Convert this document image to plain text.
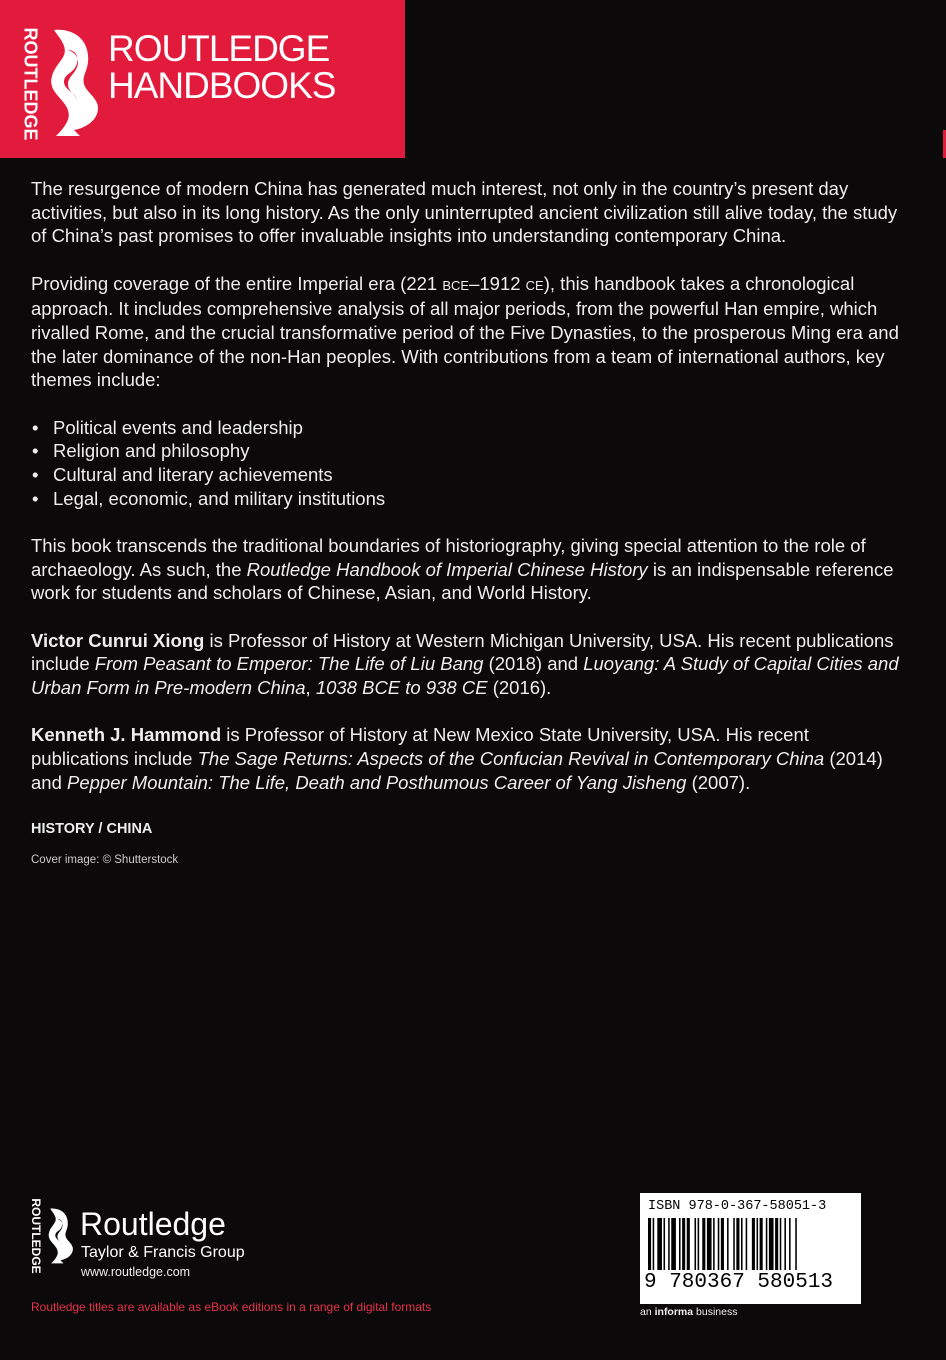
ROUTLEDGE ROUTLEDGE
HANDBOOKS

The resurgence of modern China has generated much interest, not only in the country’s present day activities, but also in its long history. As the only uninterrupted ancient civilization still alive today, the study of China’s past promises to offer invaluable insights into understanding contemporary China.

Providing coverage of the entire Imperial era (221 BCE–1912 CE), this handbook takes a chronological approach. It includes comprehensive analysis of all major periods, from the powerful Han empire, which rivalled Rome, and the crucial transformative period of the Five Dynasties, to the prosperous Ming era and the later dominance of the non-Han peoples. With contributions from a team of international authors, key themes include:

• Political events and leadership
• Religion and philosophy
• Cultural and literary achievements
• Legal, economic, and military institutions

This book transcends the traditional boundaries of historiography, giving special attention to the role of archaeology. As such, the Routledge Handbook of Imperial Chinese History is an indispensable reference work for students and scholars of Chinese, Asian, and World History.

Victor Cunrui Xiong is Professor of History at Western Michigan University, USA. His recent publications include From Peasant to Emperor: The Life of Liu Bang (2018) and Luoyang: A Study of Capital Cities and Urban Form in Pre-modern China, 1038 BCE to 938 CE (2016).

Kenneth J. Hammond is Professor of History at New Mexico State University, USA. His recent publications include The Sage Returns: Aspects of the Confucian Revival in Contemporary China (2014) and Pepper Mountain: The Life, Death and Posthumous Career of Yang Jisheng (2007).

HISTORY / CHINA
Cover image: © Shutterstock
ROUTLEDGE Routledge
Taylor & Francis Group
www.routledge.com
Routledge titles are available as eBook editions in a range of digital formats
ISBN 978-0-367-58051-3
9 780367 580513
an informa business
